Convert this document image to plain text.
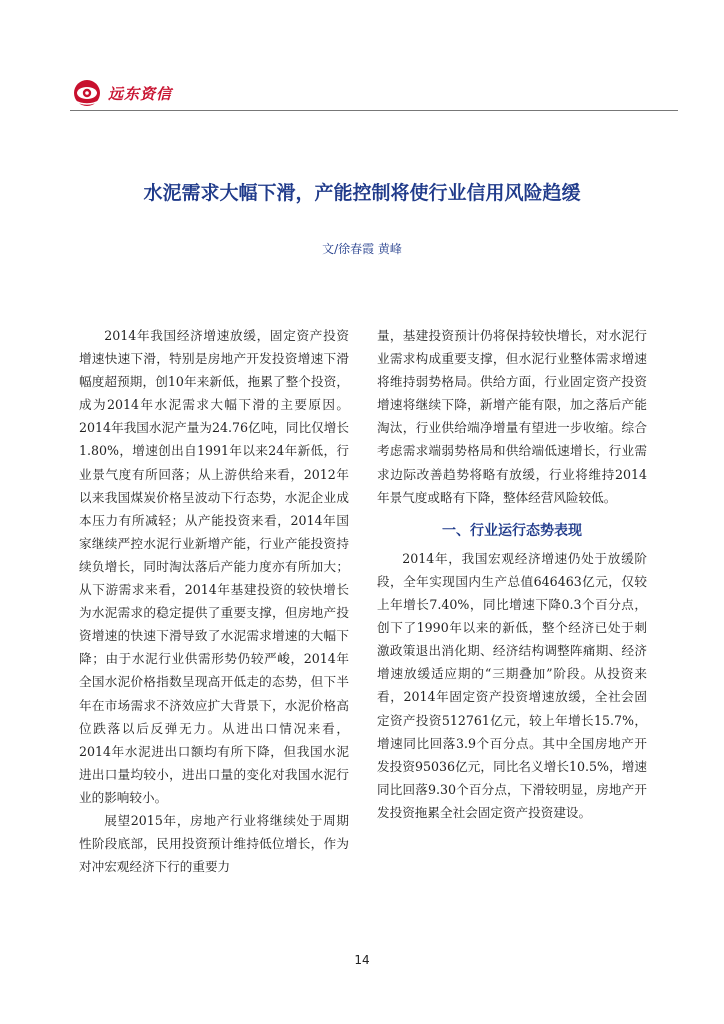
远东资信
水泥需求大幅下滑，产能控制将使行业信用风险趋缓
文/徐春霞 黄峰

2014年我国经济增速放缓，固定资产投资增速快速下滑，特别是房地产开发投资增速下滑幅度超预期，创10年来新低，拖累了整个投资，成为2014年水泥需求大幅下滑的主要原因。2014年我国水泥产量为24.76亿吨，同比仅增长1.80%，增速创出自1991年以来24年新低，行业景气度有所回落；从上游供给来看，2012年以来我国煤炭价格呈波动下行态势，水泥企业成本压力有所减轻；从产能投资来看，2014年国家继续严控水泥行业新增产能，行业产能投资持续负增长，同时淘汰落后产能力度亦有所加大；从下游需求来看，2014年基建投资的较快增长为水泥需求的稳定提供了重要支撑，但房地产投资增速的快速下滑导致了水泥需求增速的大幅下降；由于水泥行业供需形势仍较严峻，2014年全国水泥价格指数呈现高开低走的态势，但下半年在市场需求不济效应扩大背景下，水泥价格高位跌落以后反弹无力。从进出口情况来看，2014年水泥进出口额均有所下降，但我国水泥进出口量均较小，进出口量的变化对我国水泥行业的影响较小。

展望2015年，房地产行业将继续处于周期性阶段底部，民用投资预计维持低位增长，作为对冲宏观经济下行的重要力

量，基建投资预计仍将保持较快增长，对水泥行业需求构成重要支撑，但水泥行业整体需求增速将维持弱势格局。供给方面，行业固定资产投资增速将继续下降，新增产能有限，加之落后产能淘汰，行业供给端净增量有望进一步收缩。综合考虑需求端弱势格局和供给端低速增长，行业需求边际改善趋势将略有放缓，行业将维持2014年景气度或略有下降，整体经营风险较低。

一、行业运行态势表现

2014年，我国宏观经济增速仍处于放缓阶段，全年实现国内生产总值646463亿元，仅较上年增长7.40%，同比增速下降0.3个百分点，创下了1990年以来的新低，整个经济已处于刺激政策退出消化期、经济结构调整阵痛期、经济增速放缓适应期的“三期叠加”阶段。从投资来看，2014年固定资产投资增速放缓，全社会固定资产投资512761亿元，较上年增长15.7%，增速同比回落3.9个百分点。其中全国房地产开发投资95036亿元，同比名义增长10.5%，增速同比回落9.30个百分点，下滑较明显，房地产开发投资拖累全社会固定资产投资建设。

14
